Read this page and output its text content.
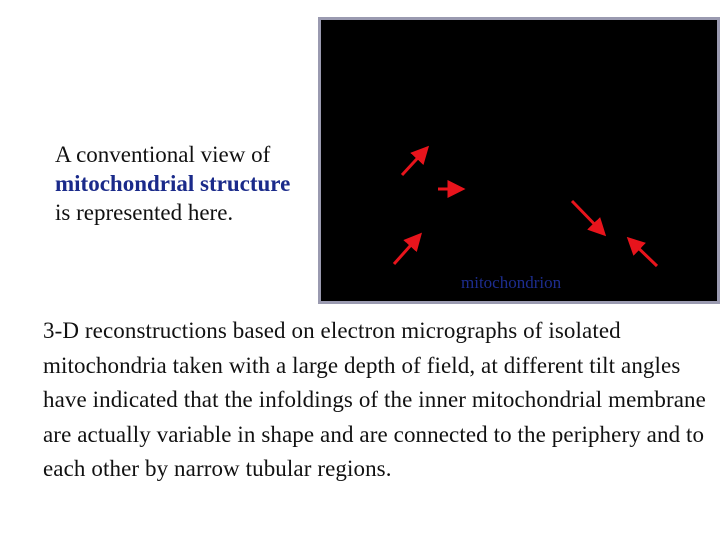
A conventional view of mitochondrial structure is represented here.
mitochondrion
3-D reconstructions based on electron micrographs of isolated mitochondria taken with a large depth of field, at different tilt angles have indicated that the infoldings of the inner mitochondrial membrane are actually variable in shape and are connected to the periphery and to each other by narrow tubular regions.
